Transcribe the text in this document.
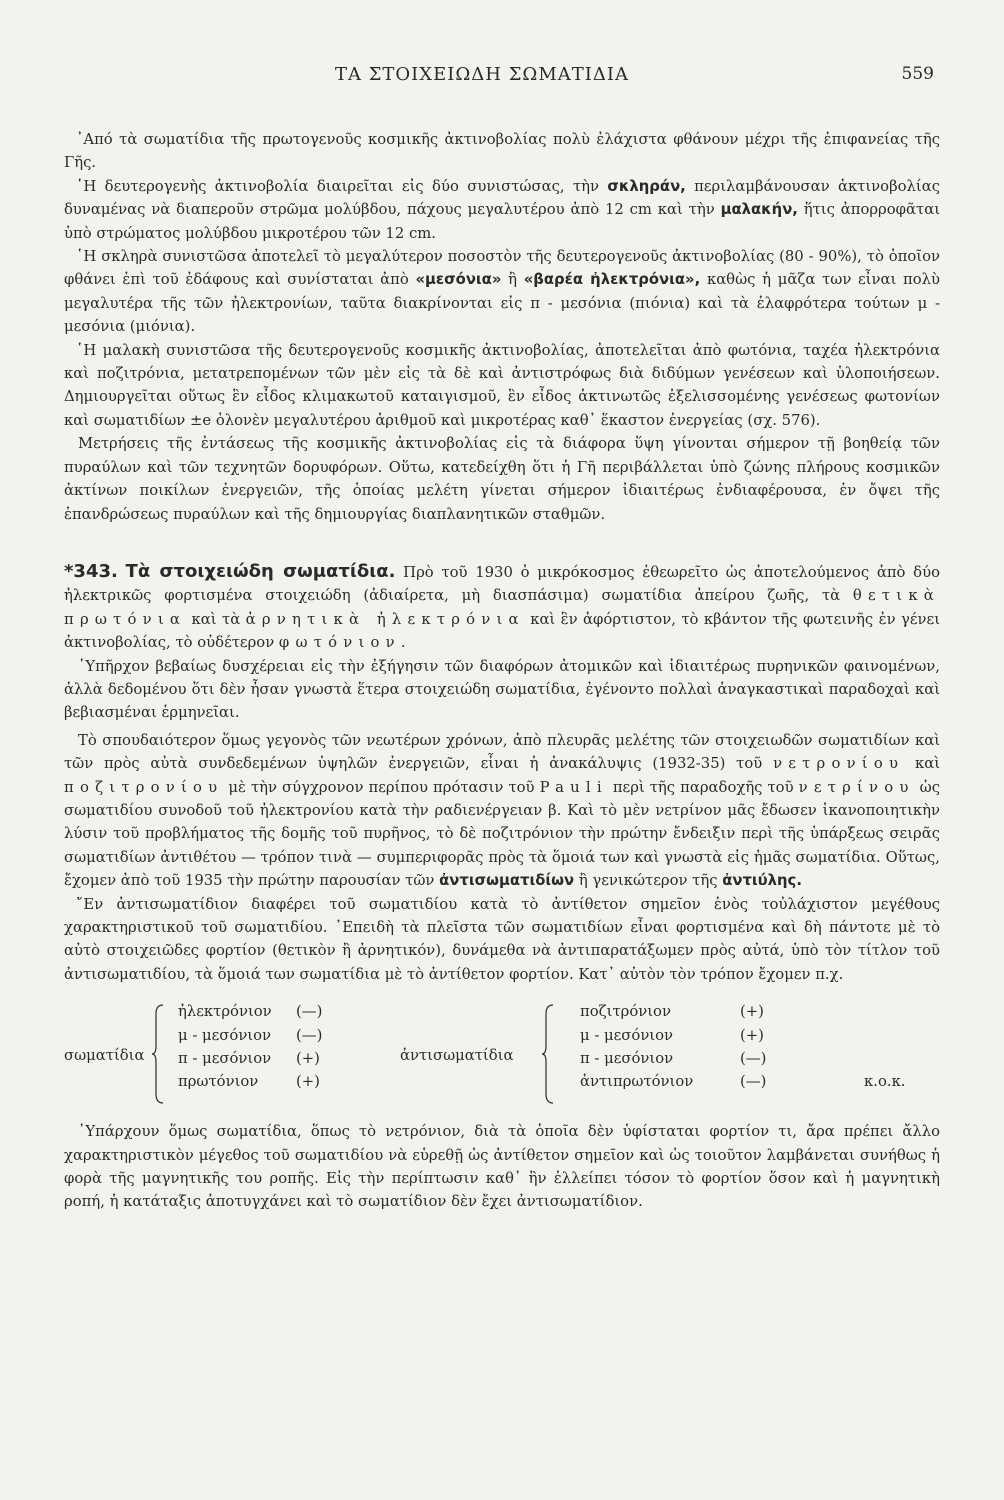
ΤΑ ΣΤΟΙΧΕΙΩΔΗ ΣΩΜΑΤΙΔΙΑ	559

᾿Από τὰ σωματίδια τῆς πρωτογενοῦς κοσμικῆς ἀκτινοβολίας πολὺ ἐλάχιστα φθάνουν μέχρι τῆς ἐπιφανείας τῆς Γῆς.

῾Η δευτερογενὴς ἀκτινοβολία διαιρεῖται εἰς δύο συνιστώσας, τὴν σκληράν, περιλαμβάνουσαν ἀκτινοβολίας δυναμένας νὰ διαπεροῦν στρῶμα μολύβδου, πάχους μεγαλυτέρου ἀπὸ 12 cm καὶ τὴν μαλακήν, ἥτις ἀπορροφᾶται ὑπὸ στρώματος μολύβδου μικροτέρου τῶν 12 cm.

῾Η σκληρὰ συνιστῶσα ἀποτελεῖ τὸ μεγαλύτερον ποσοστὸν τῆς δευτερογενοῦς ἀκτινοβολίας (80 - 90%), τὸ ὁποῖον φθάνει ἐπὶ τοῦ ἐδάφους καὶ συνίσταται ἀπὸ «μεσόνια» ἢ «βαρέα ἠλεκτρόνια», καθὼς ἡ μᾶζα των εἶναι πολὺ μεγαλυτέρα τῆς τῶν ἠλεκτρονίων, ταῦτα διακρίνονται εἰς π - μεσόνια (πιόνια) καὶ τὰ ἐλαφρότερα τούτων μ - μεσόνια (μιόνια).

῾Η μαλακὴ συνιστῶσα τῆς δευτερογενοῦς κοσμικῆς ἀκτινοβολίας, ἀποτελεῖται ἀπὸ φωτόνια, ταχέα ἠλεκτρόνια καὶ ποζιτρόνια, μετατρεπομένων τῶν μὲν εἰς τὰ δὲ καὶ ἀντιστρόφως διὰ διδύμων γενέσεων καὶ ὑλοποιήσεων. Δημιουργεῖται οὕτως ἓν εἶδος κλιμακωτοῦ καταιγισμοῦ, ἓν εἶδος ἀκτινωτῶς ἐξελισσομένης γενέσεως φωτονίων καὶ σωματιδίων ±e ὁλονὲν μεγαλυτέρου ἀριθμοῦ καὶ μικροτέρας καθ᾿ ἕκαστον ἐνεργείας (σχ. 576).

Μετρήσεις τῆς ἐντάσεως τῆς κοσμικῆς ἀκτινοβολίας εἰς τὰ διάφορα ὕψη γίνονται σήμερον τῇ βοηθείᾳ τῶν πυραύλων καὶ τῶν τεχνητῶν δορυφόρων. Οὕτω, κατεδείχθη ὅτι ἡ Γῆ περιβάλλεται ὑπὸ ζώνης πλήρους κοσμικῶν ἀκτίνων ποικίλων ἐνεργειῶν, τῆς ὁποίας μελέτη γίνεται σήμερον ἰδιαιτέρως ἐνδιαφέρουσα, ἐν ὄψει τῆς ἐπανδρώσεως πυραύλων καὶ τῆς δημιουργίας διαπλανητικῶν σταθμῶν.

*343. Τὰ στοιχειώδη σωματίδια. Πρὸ τοῦ 1930 ὁ μικρόκοσμος ἐθεωρεῖτο ὡς ἀποτελούμενος ἀπὸ δύο ἠλεκτρικῶς φορτισμένα στοιχειώδη (ἀδιαίρετα, μὴ διασπάσιμα) σωματίδια ἀπείρου ζωῆς, τὰ θετικὰ πρωτόνια καὶ τὰ ἀρνητικὰ ἠλεκτρόνια καὶ ἓν ἀφόρτιστον, τὸ κβάντον τῆς φωτεινῆς ἐν γένει ἀκτινοβολίας, τὸ οὐδέτερον φωτόνιον.

῾Υπῆρχον βεβαίως δυσχέρειαι εἰς τὴν ἐξήγησιν τῶν διαφόρων ἀτομικῶν καὶ ἰδιαιτέρως πυρηνικῶν φαινομένων, ἀλλὰ δεδομένου ὅτι δὲν ἦσαν γνωστὰ ἕτερα στοιχειώδη σωματίδια, ἐγένοντο πολλαὶ ἀναγκαστικαὶ παραδοχαὶ καὶ βεβιασμέναι ἑρμηνεῖαι.

Τὸ σπουδαιότερον ὅμως γεγονὸς τῶν νεωτέρων χρόνων, ἀπὸ πλευρᾶς μελέτης τῶν στοιχειωδῶν σωματιδίων καὶ τῶν πρὸς αὐτὰ συνδεδεμένων ὑψηλῶν ἐνεργειῶν, εἶναι ἡ ἀνακάλυψις (1932-35) τοῦ νετρονίου καὶ ποζιτρονίου μὲ τὴν σύγχρονον περίπου πρότασιν τοῦ Pauli περὶ τῆς παραδοχῆς τοῦ νετρίνου ὡς σωματιδίου συνοδοῦ τοῦ ἠλεκτρονίου κατὰ τὴν ραδιενέργειαν β. Καὶ τὸ μὲν νετρίνον μᾶς ἔδωσεν ἱκανοποιητικὴν λύσιν τοῦ προβλήματος τῆς δομῆς τοῦ πυρῆνος, τὸ δὲ ποζιτρόνιον τὴν πρώτην ἔνδειξιν περὶ τῆς ὑπάρξεως σειρᾶς σωματιδίων ἀντιθέτου — τρόπον τινὰ — συμπεριφορᾶς πρὸς τὰ ὅμοιά των καὶ γνωστὰ εἰς ἡμᾶς σωματίδια. Οὕτως, ἔχομεν ἀπὸ τοῦ 1935 τὴν πρώτην παρουσίαν τῶν ἀντισωματιδίων ἢ γενικώτερον τῆς ἀντιύλης.

῎Εν ἀντισωματίδιον διαφέρει τοῦ σωματιδίου κατὰ τὸ ἀντίθετον σημεῖον ἑνὸς τοὐλάχιστον μεγέθους χαρακτηριστικοῦ τοῦ σωματιδίου. ᾿Επειδὴ τὰ πλεῖστα τῶν σωματιδίων εἶναι φορτισμένα καὶ δὴ πάντοτε μὲ τὸ αὐτὸ στοιχειῶδες φορτίον (θετικὸν ἢ ἀρνητικόν), δυνάμεθα νὰ ἀντιπαρατάξωμεν πρὸς αὐτά, ὑπὸ τὸν τίτλον τοῦ ἀντισωματιδίου, τὰ ὅμοιά των σωματίδια μὲ τὸ ἀντίθετον φορτίον. Κατ᾿ αὐτὸν τὸν τρόπον ἔχομεν π.χ.

σωματίδια
ἠλεκτρόνιον (—)
μ - μεσόνιον (—)
π - μεσόνιον (+)
πρωτόνιον	(+)
ἀντισωματίδια
ποζιτρόνιον	(+)
μ - μεσόνιον	(+)
π - μεσόνιον	(—)
ἀντιπρωτόνιον	(—)	κ.ο.κ.

῾Υπάρχουν ὅμως σωματίδια, ὅπως τὸ νετρόνιον, διὰ τὰ ὁποῖα δὲν ὑφίσταται φορτίον τι, ἄρα πρέπει ἄλλο χαρακτηριστικὸν μέγεθος τοῦ σωματιδίου νὰ εὑρεθῇ ὡς ἀντίθετον σημεῖον καὶ ὡς τοιοῦτον λαμβάνεται συνήθως ἡ φορὰ τῆς μαγνητικῆς του ροπῆς. Εἰς τὴν περίπτωσιν καθ᾿ ἣν ἐλλείπει τόσον τὸ φορτίον ὅσον καὶ ἡ μαγνητικὴ ροπή, ἡ κατάταξις ἀποτυγχάνει καὶ τὸ σωματίδιον δὲν ἔχει ἀντισωματίδιον.
